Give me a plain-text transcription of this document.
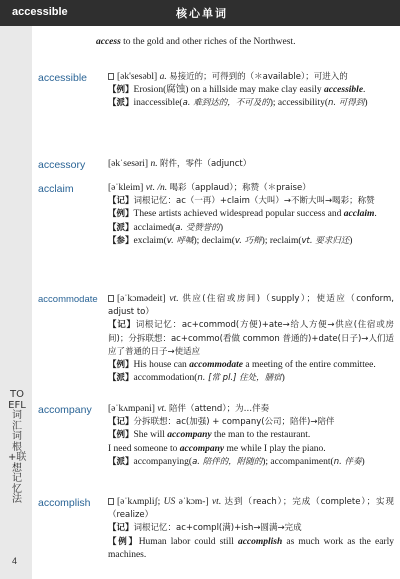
accessible	核心单词
TOEFL词汇词根+联想记忆法
4

access to the gold and other riches of the Northwest.

accessible	[ək'sesəbl] a. 易接近的；可得到的（＊available）；可进入的

【例】Erosion(腐蚀) on a hillside may make clay easily accessible.

【派】inaccessible(a. 难到达的，不可及的); accessibility(n. 可得到)

accessory [əkˈsesəri] n. 附件，零件（adjunct）

acclaim	[əˈkleim] vt. /n. 喝彩（applaud）；称赞（＊praise）

【记】词根记忆：ac（一再）+claim（大叫）→不断大叫→喝彩；称赞

【例】These artists achieved widespread popular success and acclaim.

【派】acclaimed(a. 受赞誉的)

【参】exclaim(v. 呼喊); declaim(v. 巧辩); reclaim(vt. 要求归还)

accommodate	[əˈkɔmədeit] vt. 供应(住宿或房间)（supply）；使适应（conform, adjust to）

【记】词根记忆：ac+commod(方便)+ate→给人方便→供应(住宿或房间)；分拆联想：ac+commo(看做 common 普通的)+date(日子)→人们适应了普通的日子→使适应

【例】His house can accommodate a meeting of the entire committee.

【派】accommodation(n. [常 pl.] 住处，膳宿)

accompany [əˈkʌmpəni] vt. 陪伴（attend）；为…伴奏

【记】分拆联想：ac(加强) + company(公司；陪伴)→陪伴

【例】She will accompany the man to the restaurant.

I need someone to accompany me while I play the piano.

【派】accompanying(a. 陪伴的，附随的); accompaniment(n. 伴奏)

accomplish	[əˈkʌmpliʃ; US əˈkɔm-] vt. 达到（reach）；完成（complete）；实现（realize）

【记】词根记忆：ac+compl(满)+ish→圆满→完成

【例】Human labor could still accomplish as much work as the early machines.
